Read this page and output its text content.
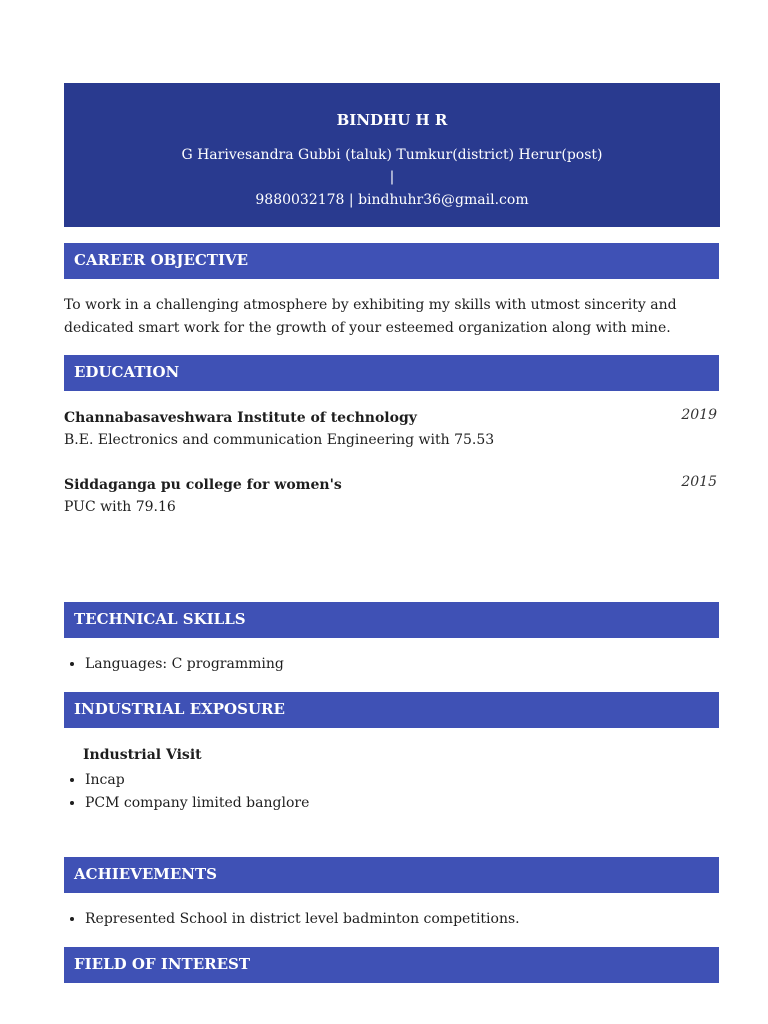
BINDHU H R
G Harivesandra Gubbi (taluk) Tumkur(district) Herur(post)
|
9880032178 | bindhuhr36@gmail.com
CAREER OBJECTIVE
To work in a challenging atmosphere by exhibiting my skills with utmost sincerity and
dedicated smart work for the growth of your esteemed organization along with mine.
EDUCATION
Channabasaveshwara Institute of technology	2019
B.E. Electronics and communication Engineering with 75.53
Siddaganga pu college for women's	2015
PUC with 79.16
TECHNICAL SKILLS
• Languages: C programming
INDUSTRIAL EXPOSURE
Industrial Visit
• Incap
• PCM company limited banglore
ACHIEVEMENTS
• Represented School in district level badminton competitions.
FIELD OF INTEREST
